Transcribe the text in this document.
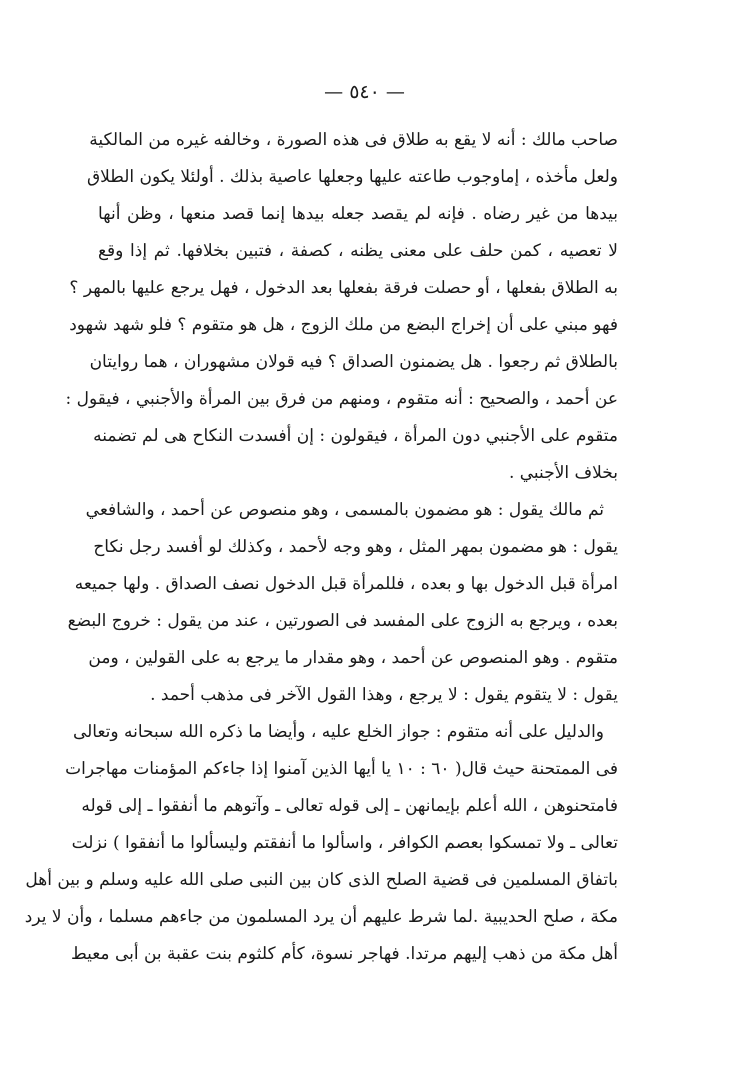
— ٥٤٠ —
صاحب مالك : أنه لا يقع به طلاق فى هذه الصورة ، وخالفه غيره من المالكية
ولعل مأخذه ، إماوجوب طاعته عليها وجعلها عاصية بذلك . أولئلا يكون الطلاق
بيدها من غير رضاه . فإنه لم يقصد جعله بيدها إنما قصد منعها ، وظن أنها
لا تعصيه ، كمن حلف على معنى يظنه ، كصفة ، فتبين بخلافها. ثم إذا وقع
به الطلاق بفعلها ، أو حصلت فرقة بفعلها بعد الدخول ، فهل يرجع عليها بالمهر ؟
فهو مبني على أن إخراج البضع من ملك الزوج ، هل هو متقوم ؟ فلو شهد شهود
بالطلاق ثم رجعوا . هل يضمنون الصداق ؟ فيه قولان مشهوران ، هما روايتان
عن أحمد ، والصحيح : أنه متقوم ، ومنهم من فرق بين المرأة والأجنبي ، فيقول :
متقوم على الأجنبي دون المرأة ، فيقولون : إن أفسدت النكاح هى لم تضمنه
بخلاف الأجنبي .
ثم مالك يقول : هو مضمون بالمسمى ، وهو منصوص عن أحمد ، والشافعي
يقول : هو مضمون بمهر المثل ، وهو وجه لأحمد ، وكذلك لو أفسد رجل نكاح
امرأة قبل الدخول بها و بعده ، فللمرأة قبل الدخول نصف الصداق . ولها جميعه
بعده ، ويرجع به الزوج على المفسد فى الصورتين ، عند من يقول : خروج البضع
متقوم . وهو المنصوص عن أحمد ، وهو مقدار ما يرجع به على القولين ، ومن
يقول : لا يتقوم يقول : لا يرجع ، وهذا القول الآخر فى مذهب أحمد .
والدليل على أنه متقوم : جواز الخلع عليه ، وأيضا ما ذكره الله سبحانه وتعالى
فى الممتحنة حيث قال( ٦٠ : ١٠ يا أيها الذين آمنوا إذا جاءكم المؤمنات مهاجرات
فامتحنوهن ، الله أعلم بإيمانهن ـ إلى قوله تعالى ـ وآتوهم ما أنفقوا ـ إلى قوله
تعالى ـ ولا تمسكوا بعصم الكوافر ، واسألوا ما أنفقتم وليسألوا ما أنفقوا ) نزلت
باتفاق المسلمين فى قضية الصلح الذى كان بين النبى صلى الله عليه وسلم و بين أهل
مكة ، صلح الحديبية .لما شرط عليهم أن يرد المسلمون من جاءهم مسلما ، وأن لا يرد
أهل مكة من ذهب إليهم مرتدا. فهاجر نسوة، كأم كلثوم بنت عقبة بن أبى معيط
